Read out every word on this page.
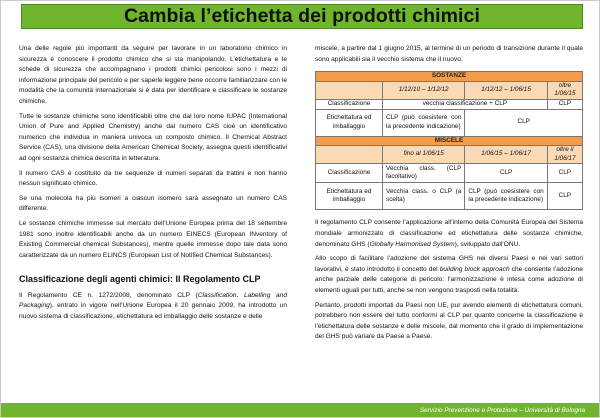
Cambia l’etichetta dei prodotti chimici

Una delle regole più importanti da seguire per lavorare in un laboratorio chimico in sicurezza è conoscere il prodotto chimico che si sta manipolando. L’etichettatura e le schede di sicurezza che accompagnano i prodotti chimici pericolosi sono i mezzi di informazione principale del pericolo e per saperle leggere bene occorre familiarizzare con le modalità che la comunità internazionale si è data per identificare e classificare le sostanze chimiche.

Tutte le sostanze chimiche sono identificabili oltre che dal loro nome IUPAC (International Union of Pure and Applied Chemistry) anche dal numero CAS cioè un identificativo numerico che individua in maniera univoca un composto chimico. Il Chemical Abstract Service (CAS), una divisione della American Chemical Society, assegna questi identificativi ad ogni sostanza chimica descritta in letteratura.

Il numero CAS è costituito da tre sequenze di numeri separati da trattini e non hanno nessun significato chimico.

Se una molecola ha più isomeri a ciascun isomero sarà assegnato un numero CAS differente.

Le sostanze chimiche immesse sul mercato dell’Unione Europea prima del 18 settembre 1981 sono inoltre identificabili anche da un numero EINECS (European INventory of Existing Commercial chemical Substances), mentre quelle immesse dopo tale data sono caratterizzate da un numero ELINCS (European List of Notified Chemical Substances).

Classificazione degli agenti chimici: Il Regolamento CLP

Il Regolamento CE n. 1272/2008, denominato CLP (Classification, Labelling and Packaging), entrato in vigore nell’Unione Europea il 20 gennaio 2009, ha introdotto un nuovo sistema di classificazione, etichettatura ed imballaggio delle sostanze e delle

miscele, a partire dal 1 giugno 2015, al termine di un periodo di transizione durante il quale sono applicabili sia il vecchio sistema che il nuovo.

SOSTANZE			
	1/12/10 – 1/12/12	1/12/12 – 1/06/15	oltre 1/06/15
Classificazione	vecchia classificazione + CLP		CLP
Etichettatura ed imballaggio	CLP (può coesistere con la precedente indicazione)	CLP	
MISCELE			
	fino al 1/06/15	1/06/15 – 1/06/17	oltre il 1/06/17
Classificazione	Vecchia class. (CLP facoltativo)	CLP	CLP
Etichettatura ed imballaggio	Vecchia class. o CLP (a scelta)	CLP (può coesistere con la precedente indicazione)	CLP

Il regolamento CLP consente l’applicazione all’interno della Comunità Europea del Sistema mondiale armonizzato di classificazione ed etichettatura delle sostanze chimiche, denominato GHS (Globally Harmonised System), sviluppato dall’ONU.

Allo scopo di facilitare l’adozione del sistema GHS nei diversi Paesi e nei vari settori lavorativi, è stato introdotto il concetto del building block approach che consente l’adozione anche parziale delle categorie di pericolo: l’armonizzazione è intesa come adozione di elementi uguali per tutti, anche se non vengono trasposti nella totalità.

Pertanto, prodotti importati da Paesi non UE, pur avendo elementi di etichettatura comuni, potrebbero non essere del tutto conformi al CLP per quanto concerne la classificazione e l’etichettatura delle sostanze e delle miscele, dal momento che il grado di implementazione del GHS può variare da Paese a Paese.

Servizio Prevenzione e Protezione – Università di Bologna
